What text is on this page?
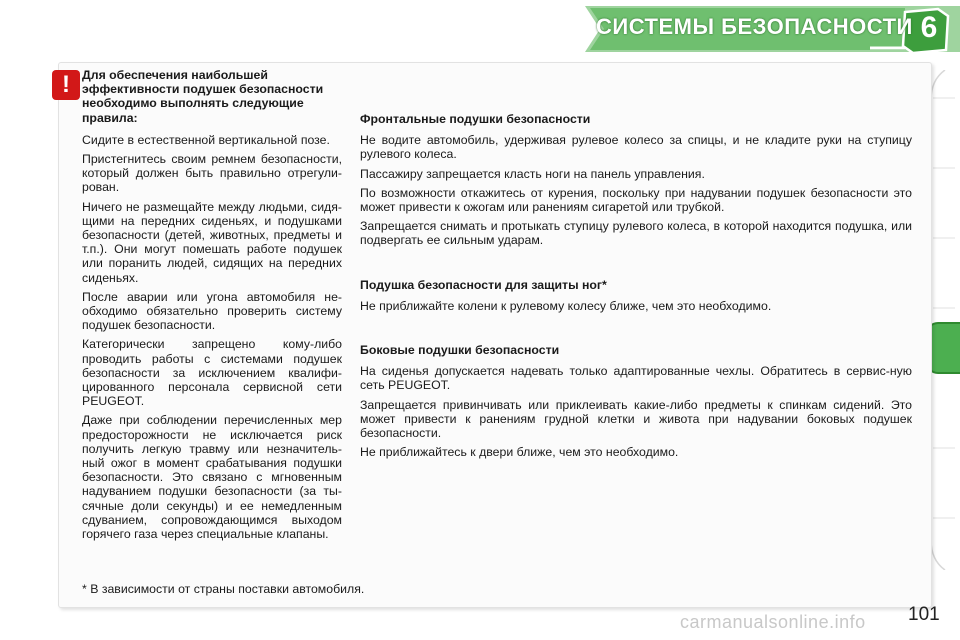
СИСТЕМЫ БЕЗОПАСНОСТИ 6
! Для обеспечения наибольшей эффективности подушек безопасности необходимо выполнять следующие правила:

Сидите в естественной вертикальной позе.

Пристегнитесь своим ремнем безопасности, который должен быть правильно отрегули-рован.

Ничего не размещайте между людьми, сидя-щими на передних сиденьях, и подушками безопасности (детей, животных, предметы и т.п.). Они могут помешать работе подушек или поранить людей, сидящих на передних сиденьях.

После аварии или угона автомобиля не-обходимо обязательно проверить систему подушек безопасности.

Категорически запрещено кому-либо проводить работы с системами подушек безопасности за исключением квалифи-цированного персонала сервисной сети PEUGEOT.

Даже при соблюдении перечисленных мер предосторожности не исключается риск получить легкую травму или незначитель-ный ожог в момент срабатывания подушки безопасности. Это связано с мгновенным надуванием подушки безопасности (за ты-сячные доли секунды) и ее немедленным сдуванием, сопровождающимся выходом горячего газа через специальные клапаны.

Фронтальные подушки безопасности

Не водите автомобиль, удерживая рулевое колесо за спицы, и не кладите руки на ступицу рулевого колеса.

Пассажиру запрещается класть ноги на панель управления.

По возможности откажитесь от курения, поскольку при надувании подушек безопасности это может привести к ожогам или ранениям сигаретой или трубкой.

Запрещается снимать и протыкать ступицу рулевого колеса, в которой находится подушка, или подвергать ее сильным ударам.

Подушка безопасности для защиты ног*

Не приближайте колени к рулевому колесу ближе, чем это необходимо.

Боковые подушки безопасности

На сиденья допускается надевать только адаптированные чехлы. Обратитесь в сервис-ную сеть PEUGEOT.

Запрещается привинчивать или приклеивать какие-либо предметы к спинкам сидений. Это может привести к ранениям грудной клетки и живота при надувании боковых подушек безопасности.

Не приближайтесь к двери ближе, чем это необходимо.

* В зависимости от страны поставки автомобиля.
carmanualsonline.info 101
